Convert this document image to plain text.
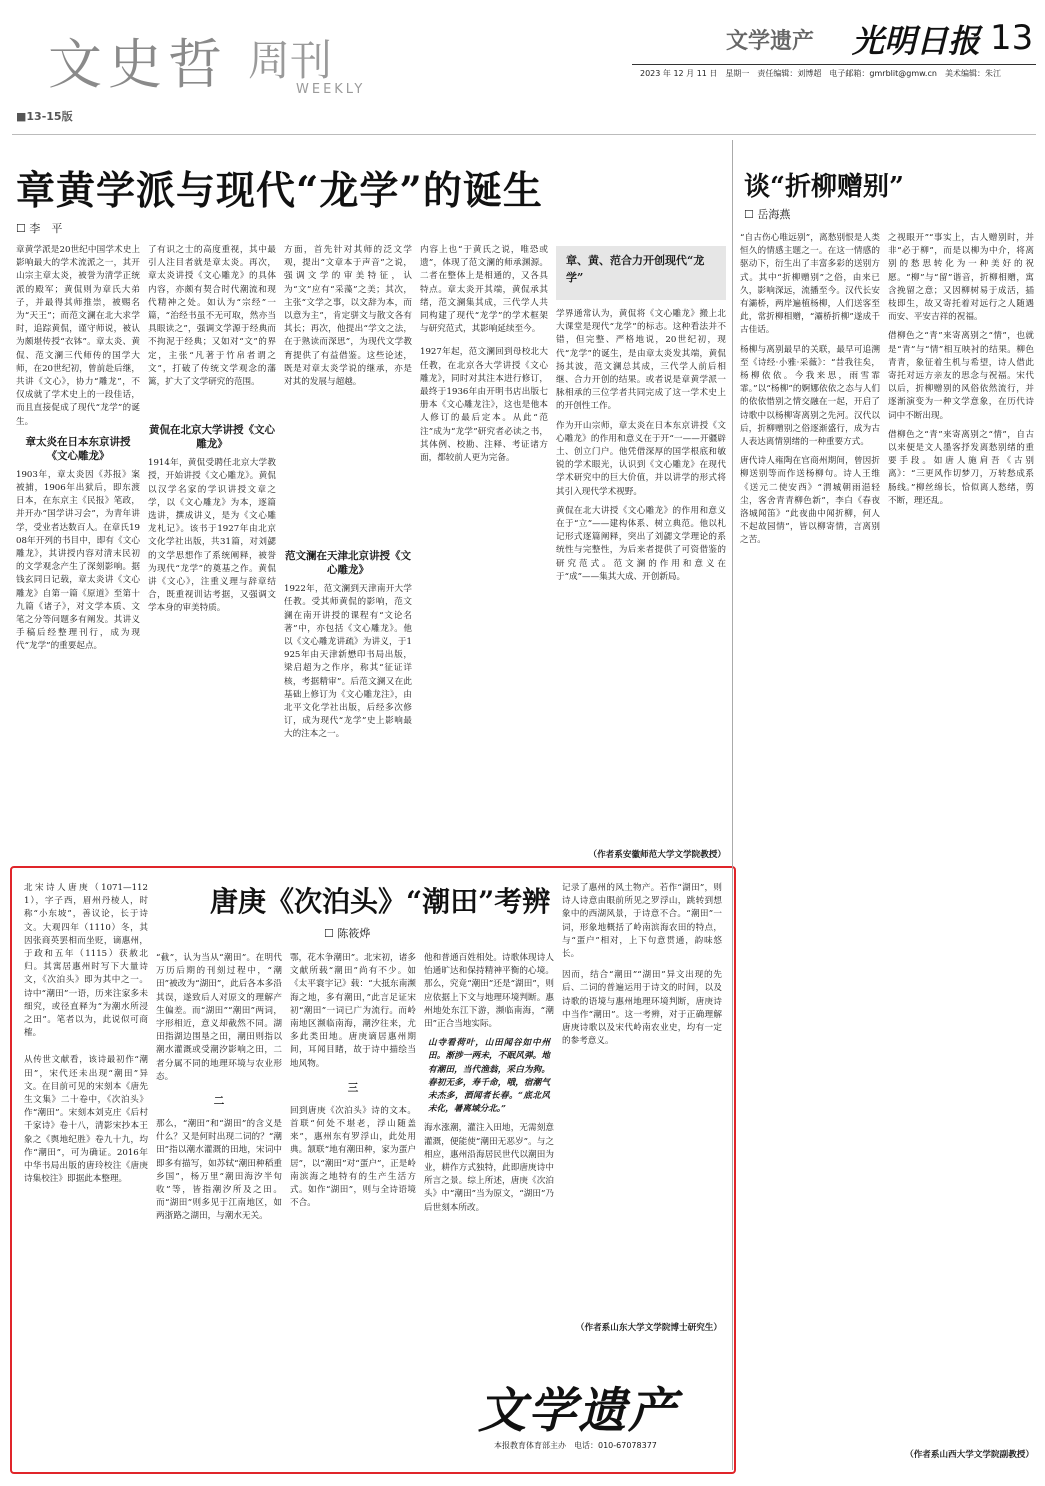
文史哲 周刊
WEEKLY
■13-15版
文学遗产 光明日报 13
2023 年 12 月 11 日　星期一　责任编辑：刘博超　电子邮箱：gmrblit@gmw.cn　美术编辑：朱江
章黄学派与现代“龙学”的诞生
☐ 李　平
章黄学派是20世纪中国学术史上影响最大的学术流派之一，其开山宗主章太炎，被誉为清学正统派的殿军；黄侃则为章氏大弟子，并最得其师推崇，被赐名为“天王”；而范文澜在北大求学时，追踪黄侃，谨守师说，被认为颇堪传授“衣钵”。章太炎、黄侃、范文澜三代师传的国学大师，在20世纪初，曾前赴后继，共讲《文心》，协力“雕龙”，不仅成就了学术史上的一段佳话，而且直接促成了现代“龙学”的诞生。
章太炎在日本东京讲授《文心雕龙》
1903年，章太炎因《苏报》案被捕，1906年出狱后，即东渡日本，在东京主《民报》笔政，并开办“国学讲习会”，为青年讲学，受业者达数百人。在章氏1908年开列的书目中，即有《文心雕龙》，其讲授内容对清末民初的文学观念产生了深刻影响。据钱玄同日记载，章太炎讲《文心雕龙》自第一篇《原道》至第十九篇《诸子》，对文学本质、文笔之分等问题多有阐发。其讲义手稿后经整理刊行，成为现代“龙学”的重要起点。
了有识之士的高度重视，其中最引人注目者就是章太炎。再次，章太炎讲授《文心雕龙》的具体内容，亦颇有契合时代潮流和现代精神之处。如认为“宗经”一篇，“治经书虽不无可取，然亦当具眼读之”，强调文学源于经典而不拘泥于经典；又如对“文”的界定，主张“凡著于竹帛者谓之文”，打破了传统文学观念的藩篱，扩大了文学研究的范围。
黄侃在北京大学讲授《文心雕龙》
1914年，黄侃受聘任北京大学教授，开始讲授《文心雕龙》。黄侃以汉学名家的学识讲授文章之学，以《文心雕龙》为本，逐篇选讲，撰成讲义，是为《文心雕龙札记》。该书于1927年由北京文化学社出版，共31篇，对刘勰的文学思想作了系统阐释，被誉为现代“龙学”的奠基之作。黄侃讲《文心》，注重义理与辞章结合，既重视训诂考据，又强调文学本身的审美特质。
方面，首先针对其师的泛文学观，提出“文章本于声音”之说，强调文学的审美特征，认为“文”应有“采藻”之美；其次，主张“文学之事，以文辞为本，而以意为主”，肯定骈文与散文各有其长；再次，他提出“学文之法，在于熟读而深思”，为现代文学教育提供了有益借鉴。这些论述，既是对章太炎学说的继承，亦是对其的发展与超越。
范文澜在天津北京讲授《文心雕龙》
1922年，范文澜到天津南开大学任教。受其师黄侃的影响，范文澜在南开讲授的课程有“文论名著”中，亦包括《文心雕龙》。他以《文心雕龙讲疏》为讲义，于1925年由天津新懋印书局出版，梁启超为之作序，称其“征证详核，考据精审”。后范文澜又在此基础上修订为《文心雕龙注》，由北平文化学社出版，后经多次修订，成为现代“龙学”史上影响最大的注本之一。
内容上也“于黄氏之说，唯恐或遗”，体现了范文澜的师承渊源。二者在整体上是相通的，又各具特点。章太炎开其端，黄侃承其绪，范文澜集其成，三代学人共同构建了现代“龙学”的学术框架与研究范式，其影响延续至今。
1927年起，范文澜回到母校北大任教，在北京各大学讲授《文心雕龙》，同时对其注本进行修订，最终于1936年由开明书店出版七册本《文心雕龙注》，这也是他本人修订的最后定本。从此“范注”成为“龙学”研究者必读之书，其体例、校勘、注释、考证诸方面，都较前人更为完备。
章、黄、范合力开创现代“龙学”
学界通常认为，黄侃将《文心雕龙》搬上北大课堂是现代“龙学”的标志。这种看法并不错，但完整、严格地说，20世纪初，现代“龙学”的诞生，是由章太炎发其端，黄侃扬其波，范文澜总其成，三代学人前后相继、合力开创的结果。或者说是章黄学派一脉相承的三位学者共同完成了这一学术史上的开创性工作。
作为开山宗师，章太炎在日本东京讲授《文心雕龙》的作用和意义在于开“一——开疆辟土、创立门户。他凭借深厚的国学根底和敏锐的学术眼光，认识到《文心雕龙》在现代学术研究中的巨大价值，并以讲学的形式将其引入现代学术视野。
黄侃在北大讲授《文心雕龙》的作用和意义在于“立”——建构体系、树立典范。他以札记形式逐篇阐释，突出了刘勰文学理论的系统性与完整性，为后来者提供了可资借鉴的研究范式。范文澜的作用和意义在于“成”——集其大成、开创新局。
（作者系安徽师范大学文学院教授）
唐庚《次泊头》“潮田”考辨
☐ 陈筱烨
北宋诗人唐庚（1071—1121），字子西，眉州丹棱人，时称“小东坡”，善议论，长于诗文。大观四年（1110）冬，其因张商英罢相而坐贬，谪惠州，于政和五年（1115）获赦北归。其寓居惠州时写下大量诗文，《次泊头》即为其中之一。诗中“潮田”一语，历来注家多未细究，或径直释为“为潮水所浸之田”。笔者以为，此说似可商榷。
从传世文献看，该诗最初作“潮田”，宋代还未出现“潮田”异文。在目前可见的宋刻本《唐先生文集》二十卷中，《次泊头》作“潮田”。宋刻本刘克庄《后村千家诗》卷十八，清影宋抄本王象之《舆地纪胜》卷九十九，均作“潮田”，可为确证。2016年中华书局出版的唐玲校注《唐庚诗集校注》即据此本整理。
“截”，认为当从“潮田”。在明代万历后期的刊刻过程中，“潮田”被改为“湖田”，此后各本多沿其误，遂致后人对原文的理解产生偏差。而“湖田”“潮田”两词，字形相近，意义却截然不同。湖田指湖边围垦之田，潮田则指以潮水灌溉或受潮汐影响之田，二者分属不同的地理环境与农业形态。
二
那么，“潮田”和“湖田”的含义是什么？又是何时出现二词的？“潮田”指以潮水灌溉的田地，宋词中即多有描写，如苏轼“潮田种稻重乡国”，杨万里“潮田海汐半旬收”等，皆指潮汐所及之田。而“湖田”则多见于江南地区，如两浙路之湖田，与潮水无关。
鄂，花木争潮田”。北宋初，诸多文献所载“潮田”尚有不少。如《太平寰宇记》载：“大抵东南濒海之地，多有潮田，”此言足证宋初“潮田”一词已广为流行。而岭南地区濒临南海，潮汐往来，尤多此类田地。唐庚谪居惠州期间，耳闻目睹，故于诗中描绘当地风物。
三
回到唐庚《次泊头》诗的文本。首联“何处不堪老，浮山随盖来”，惠州东有罗浮山，此处用典。颔联“地有潮田种，家为蛋户居”，以“潮田”对“蛋户”，正是岭南滨海之地特有的生产生活方式。如作“湖田”，则与全诗语境不合。
他和普通百姓相处。诗歌体现诗人怡通旷达和保持精神平衡的心境。那么，究竟“潮田”还是“湖田”，则应依据上下文与地理环境判断。惠州地处东江下游，濒临南海，“潮田”正合当地实际。
山寺看荷叶，山田闻谷如中州田。渐涉一两未，不眠风弹。地有潮田，当代渔翁，采白为狗。春初无多，寿千命，哦，宿潮气未杰多，酒闻者长春。“底北风未化，暑离域分北。”
海水涨潮，灌注入田地，无需刻意灌溉，便能使“潮田无恶岁”。与之相应，惠州沿海居民世代以潮田为业，耕作方式独特，此即唐庚诗中所言之景。综上所述，唐庚《次泊头》中“潮田”当为原文，“湖田”乃后世刻本所改。
记录了惠州的风土物产。若作“湖田”，则诗人诗意由眼前所见之罗浮山，跳转到想象中的西湖风景，于诗意不合。“潮田”一词，形象地概括了岭南滨海农田的特点，与“蛋户”相对，上下句意贯通，韵味悠长。
因而，结合“潮田”“湖田”异文出现的先后、二词的普遍运用于诗文的时间，以及诗歌的语境与惠州地理环境判断，唐庚诗中当作“潮田”。这一考辨，对于正确理解唐庚诗歌以及宋代岭南农业史，均有一定的参考意义。
（作者系山东大学文学院博士研究生）
文学遗产
本报教育体育部主办　电话：010-67078377
谈“折柳赠别”
☐ 岳海燕
“自古伤心唯远别”，离愁别恨是人类恒久的情感主题之一。在这一情感的驱动下，衍生出了丰富多彩的送别方式。其中“折柳赠别”之俗，由来已久，影响深远，流播至今。汉代长安有灞桥，两岸遍植杨柳，人们送客至此，常折柳相赠，“灞桥折柳”遂成千古佳话。
杨柳与离别最早的关联，最早可追溯至《诗经·小雅·采薇》：“昔我往矣，杨柳依依。今我来思，雨雪霏霏。”以“杨柳”的婀娜依依之态与人们的依依惜别之情交融在一起，开启了诗歌中以杨柳寄离别之先河。汉代以后，折柳赠别之俗逐渐盛行，成为古人表达离情别绪的一种重要方式。
唐代诗人雍陶在官商州期间，曾因折柳送别等而作送杨柳句。诗人王维《送元二使安西》“渭城朝雨浥轻尘，客舍青青柳色新”，李白《春夜洛城闻笛》“此夜曲中闻折柳，何人不起故园情”，皆以柳寄情，言离别之苦。
之视眼开”“事实上，古人赠别时，并非“必于柳”，而是以柳为中介，将离别的愁思转化为一种美好的祝愿。“柳”与“留”谐音，折柳相赠，寓含挽留之意；又因柳树易于成活，插枝即生，故又寄托着对远行之人随遇而安、平安吉祥的祝福。
借柳色之“青”来寄离别之“情”，也就是“青”与“情”相互映衬的结果。柳色青青，象征着生机与希望，诗人借此寄托对远方亲友的思念与祝福。宋代以后，折柳赠别的风俗依然流行，并逐渐演变为一种文学意象，在历代诗词中不断出现。
借柳色之“青”来寄离别之“情”，自古以来便是文人墨客抒发离愁别绪的重要手段。如唐人施肩吾《古别离》：“三更风作切梦刀，万转愁成系肠线。”柳丝绵长，恰似离人愁绪，剪不断，理还乱。
（作者系山西大学文学院副教授）
